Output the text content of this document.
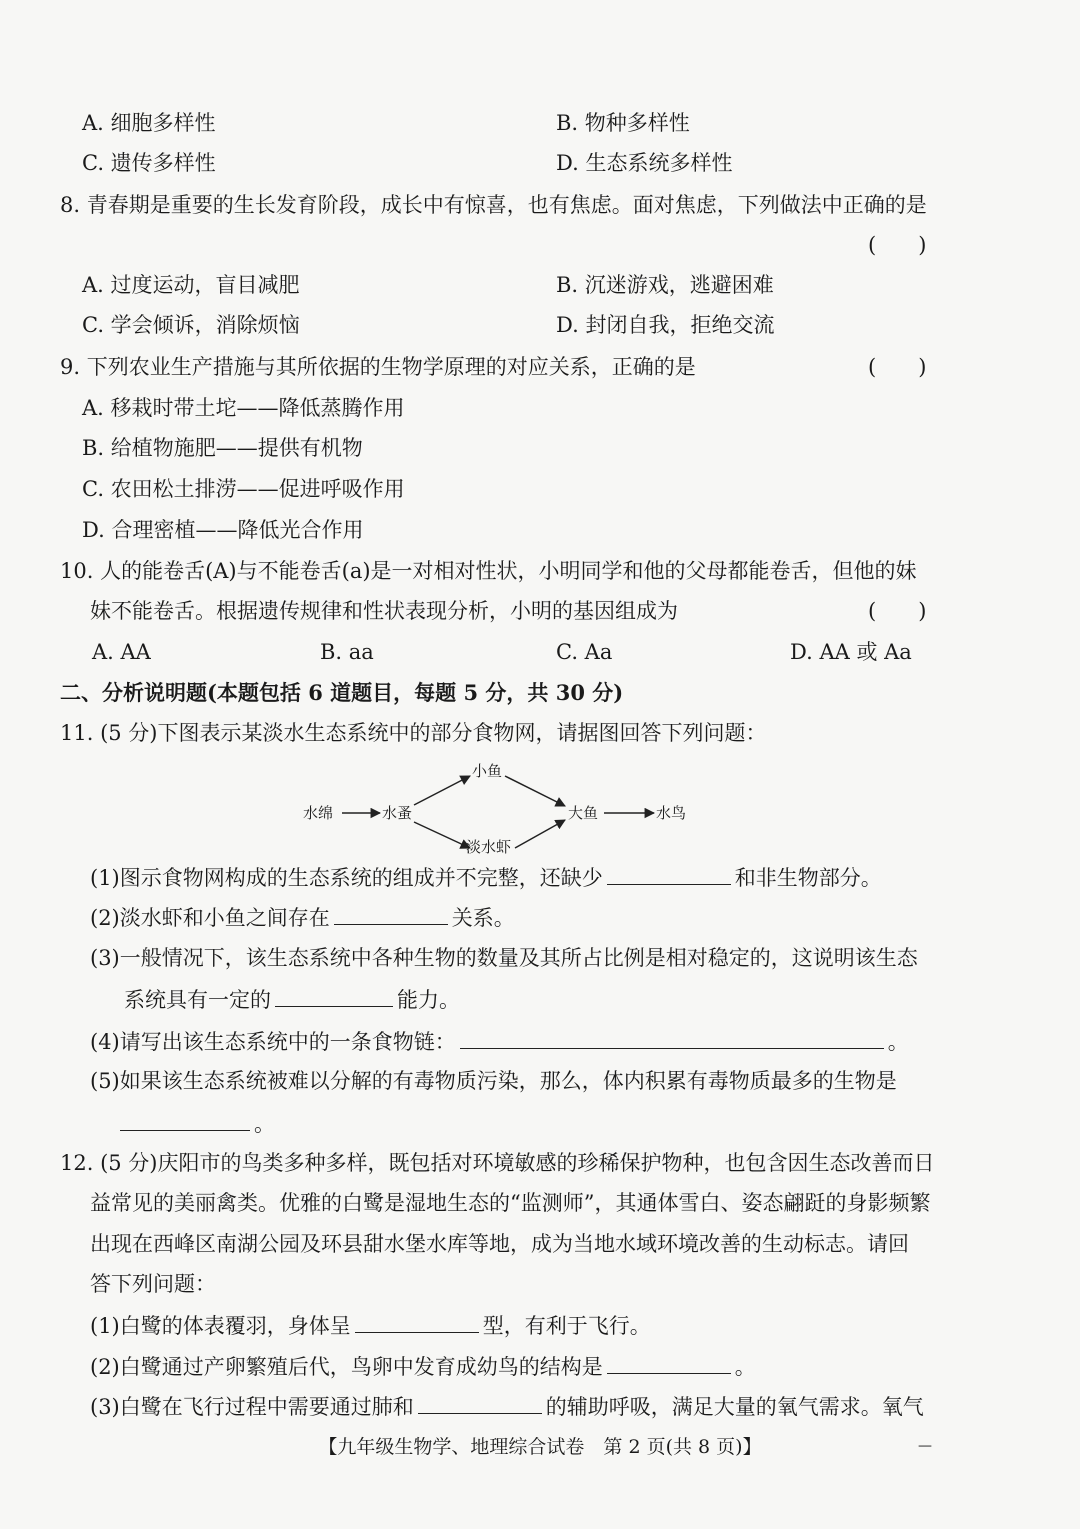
A. 细胞多样性	B. 物种多样性
C. 遗传多样性	D. 生态系统多样性
8. 青春期是重要的生长发育阶段，成长中有惊喜，也有焦虑。面对焦虑，下列做法中正确的是
(　　)
A. 过度运动，盲目减肥	B. 沉迷游戏，逃避困难
C. 学会倾诉，消除烦恼	D. 封闭自我，拒绝交流
9. 下列农业生产措施与其所依据的生物学原理的对应关系，正确的是	(　　)
A. 移栽时带土坨——降低蒸腾作用
B. 给植物施肥——提供有机物
C. 农田松土排涝——促进呼吸作用
D. 合理密植——降低光合作用
10. 人的能卷舌(A)与不能卷舌(a)是一对相对性状，小明同学和他的父母都能卷舌，但他的妹
妹不能卷舌。根据遗传规律和性状表现分析，小明的基因组成为	(　　)
A. AA	B. aa	C. Aa	D. AA 或 Aa
二、分析说明题(本题包括 6 道题目，每题 5 分，共 30 分)
11. (5 分)下图表示某淡水生态系统中的部分食物网，请据图回答下列问题：
水绵	水蚤
小鱼
淡水虾
大鱼	水鸟
(1)图示食物网构成的生态系统的组成并不完整，还缺少	和非生物部分。
(2)淡水虾和小鱼之间存在	关系。
(3)一般情况下，该生态系统中各种生物的数量及其所占比例是相对稳定的，这说明该生态
系统具有一定的	能力。
(4)请写出该生态系统中的一条食物链：	。
(5)如果该生态系统被难以分解的有毒物质污染，那么，体内积累有毒物质最多的生物是
。
12. (5 分)庆阳市的鸟类多种多样，既包括对环境敏感的珍稀保护物种，也包含因生态改善而日
益常见的美丽禽类。优雅的白鹭是湿地生态的“监测师”，其通体雪白、姿态翩跹的身影频繁
出现在西峰区南湖公园及环县甜水堡水库等地，成为当地水域环境改善的生动标志。请回
答下列问题：
(1)白鹭的体表覆羽，身体呈	型，有利于飞行。
(2)白鹭通过产卵繁殖后代，鸟卵中发育成幼鸟的结构是	。
(3)白鹭在飞行过程中需要通过肺和	的辅助呼吸，满足大量的氧气需求。氧气
【九年级生物学、地理综合试卷　第 2 页(共 8 页)】	—
